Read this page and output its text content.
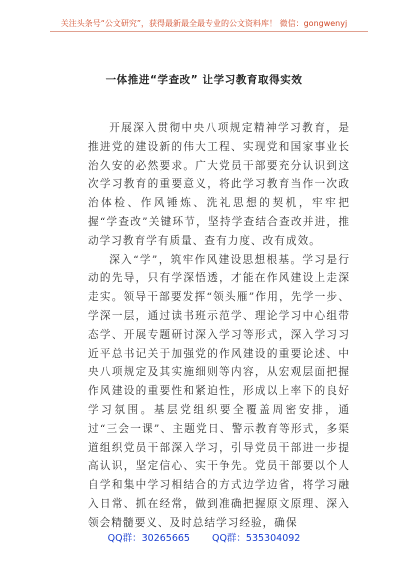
关注头条号“公文研究”，获得最新最全最专业的公文资料库！ 微信：gongwenyj
一体推进“学查改” 让学习教育取得实效

开展深入贯彻中央八项规定精神学习教育，是推进党的建设新的伟大工程、实现党和国家事业长治久安的必然要求。广大党员干部要充分认识到这次学习教育的重要意义，将此学习教育当作一次政治体检、作风锤炼、洗礼思想的契机，牢牢把握“学查改”关键环节，坚持学查结合查改并进，推动学习教育学有质量、查有力度、改有成效。

深入“学”，筑牢作风建设思想根基。学习是行动的先导，只有学深悟透，才能在作风建设上走深走实。领导干部要发挥“领头雁”作用，先学一步、学深一层，通过读书班示范学、理论学习中心组带态学、开展专题研讨深入学习等形式，深入学习习近平总书记关于加强党的作风建设的重要论述、中央八项规定及其实施细则等内容，从宏观层面把握作风建设的重要性和紧迫性，形成以上率下的良好学习氛围。基层党组织要全覆盖周密安排，通过“三会一课”、主题党日、警示教育等形式，多渠道组织党员干部深入学习，引导党员干部进一步提高认识，坚定信心、实干争先。党员干部要以个人自学和集中学习相结合的方式边学边省，将学习融入日常、抓在经常，做到准确把握原文原理、深入领会精髓要义、及时总结学习经验，确保

QQ群：30265665 QQ群：535304092
